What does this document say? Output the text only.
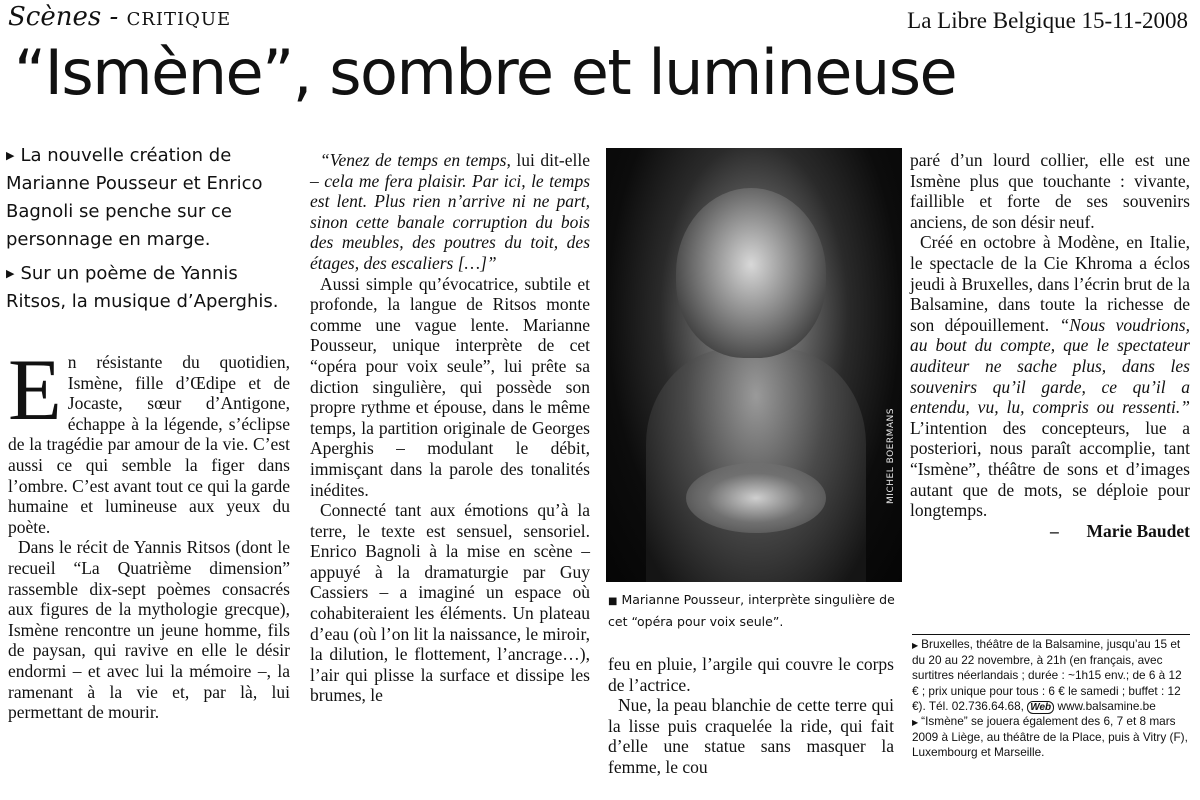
Scènes - CRITIQUE	La Libre Belgique 15-11-2008
“Ismène”, sombre et lumineuse

▶ La nouvelle création de Marianne Pousseur et Enrico Bagnoli se penche sur ce personnage en marge.

▶ Sur un poème de Yannis Ritsos, la musique d’Aperghis.

En résistante du quotidien, Ismène, fille d’Œdipe et de Jocaste, sœur d’Antigone, échappe à la légende, s’éclipse de la tragédie par amour de la vie. C’est aussi ce qui semble la figer dans l’ombre. C’est avant tout ce qui la garde humaine et lumineuse aux yeux du poète.

Dans le récit de Yannis Ritsos (dont le recueil “La Quatrième dimension” rassemble dix-sept poèmes consacrés aux figures de la mythologie grecque), Ismène rencontre un jeune homme, fils de paysan, qui ravive en elle le désir endormi – et avec lui la mémoire –, la ramenant à la vie et, par là, lui permettant de mourir.

“Venez de temps en temps, lui dit-elle – cela me fera plaisir. Par ici, le temps est lent. Plus rien n’arrive ni ne part, sinon cette banale corruption du bois des meubles, des poutres du toit, des étages, des escaliers […]”

Aussi simple qu’évocatrice, subtile et profonde, la langue de Ritsos monte comme une vague lente. Marianne Pousseur, unique interprète de cet “opéra pour voix seule”, lui prête sa diction singulière, qui possède son propre rythme et épouse, dans le même temps, la partition originale de Georges Aperghis – modulant le débit, immisçant dans la parole des tonalités inédites.

Connecté tant aux émotions qu’à la terre, le texte est sensuel, sensoriel. Enrico Bagnoli à la mise en scène – appuyé à la dramaturgie par Guy Cassiers – a imaginé un espace où cohabiteraient les éléments. Un plateau d’eau (où l’on lit la naissance, le miroir, la dilution, le flottement, l’ancrage…), l’air qui plisse la surface et dissipe les brumes, le

MICHEL BOERMANS
■ Marianne Pousseur, interprète singulière de cet “opéra pour voix seule”.

feu en pluie, l’argile qui couvre le corps de l’actrice.

Nue, la peau blanchie de cette terre qui la lisse puis craquelée la ride, qui fait d’elle une statue sans masquer la femme, le cou

paré d’un lourd collier, elle est une Ismène plus que touchante : vivante, faillible et forte de ses souvenirs anciens, de son désir neuf.

Créé en octobre à Modène, en Italie, le spectacle de la Cie Khroma a éclos jeudi à Bruxelles, dans l’écrin brut de la Balsamine, dans toute la richesse de son dépouillement. “Nous voudrions, au bout du compte, que le spectateur auditeur ne sache plus, dans les souvenirs qu’il garde, ce qu’il a entendu, vu, lu, compris ou ressenti.” L’intention des concepteurs, lue a posteriori, nous paraît accomplie, tant “Ismène”, théâtre de sons et d’images autant que de mots, se déploie pour longtemps.

– Marie Baudet

▶ Bruxelles, théâtre de la Balsamine, jusqu’au 15 et du 20 au 22 novembre, à 21h (en français, avec surtitres néerlandais ; durée : ~1h15 env.; de 6 à 12 € ; prix unique pour tous : 6 € le samedi ; buffet : 12 €). Tél. 02.736.64.68, Web www.balsamine.be

▶ “Ismène” se jouera également des 6, 7 et 8 mars 2009 à Liège, au théâtre de la Place, puis à Vitry (F), Luxembourg et Marseille.
